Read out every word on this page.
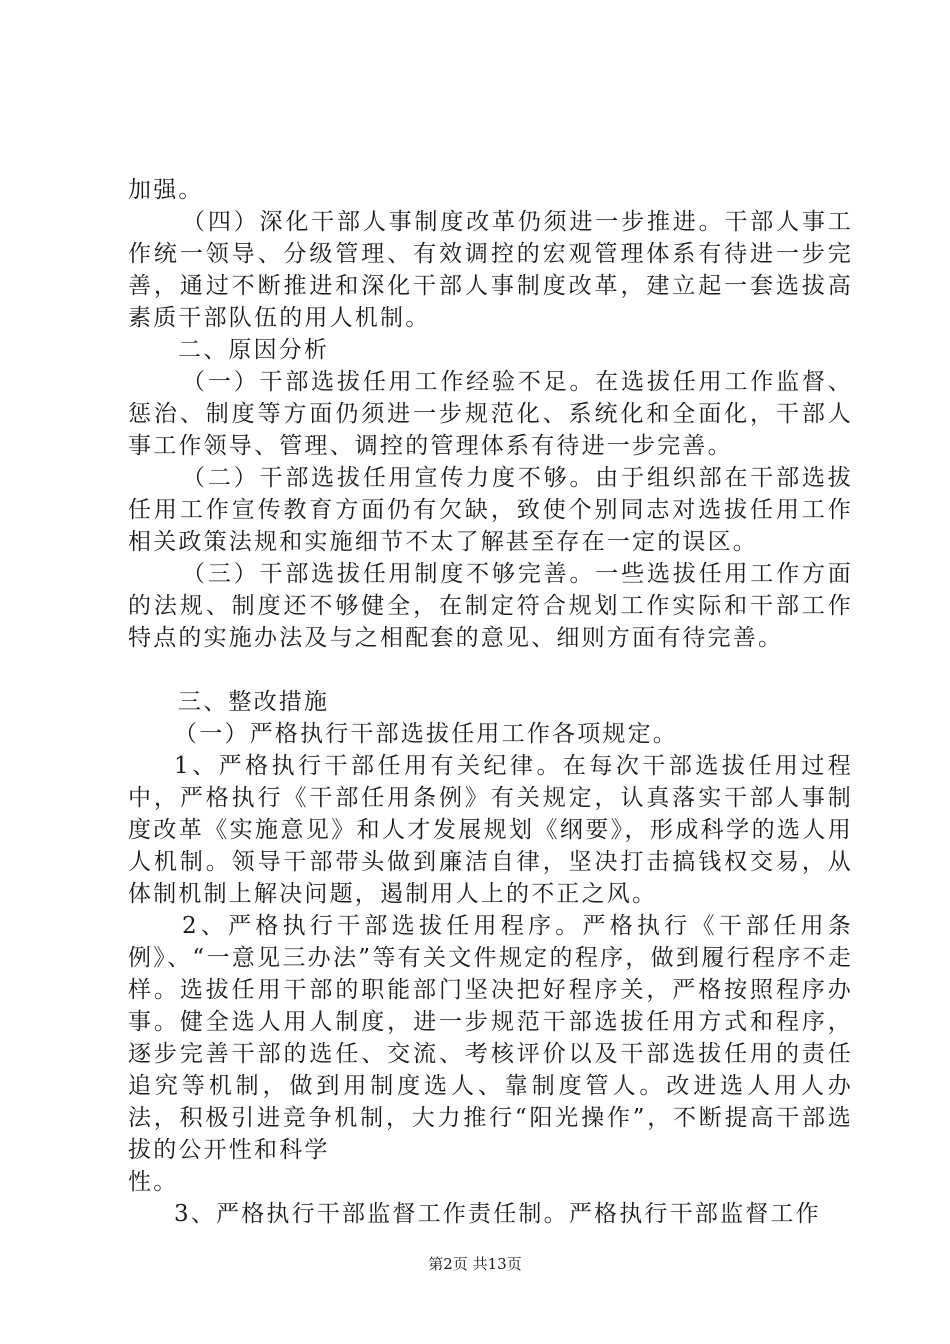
加强。

（四）深化干部人事制度改革仍须进一步推进。干部人事工作统一领导、分级管理、有效调控的宏观管理体系有待进一步完善，通过不断推进和深化干部人事制度改革，建立起一套选拔高素质干部队伍的用人机制。

二、原因分析

（一）干部选拔任用工作经验不足。在选拔任用工作监督、惩治、制度等方面仍须进一步规范化、系统化和全面化，干部人事工作领导、管理、调控的管理体系有待进一步完善。

（二）干部选拔任用宣传力度不够。由于组织部在干部选拔任用工作宣传教育方面仍有欠缺，致使个别同志对选拔任用工作相关政策法规和实施细节不太了解甚至存在一定的误区。

（三）干部选拔任用制度不够完善。一些选拔任用工作方面的法规、制度还不够健全，在制定符合规划工作实际和干部工作特点的实施办法及与之相配套的意见、细则方面有待完善。

三、整改措施

（一）严格执行干部选拔任用工作各项规定。

1、严格执行干部任用有关纪律。在每次干部选拔任用过程中，严格执行《干部任用条例》有关规定，认真落实干部人事制度改革《实施意见》和人才发展规划《纲要》，形成科学的选人用人机制。领导干部带头做到廉洁自律，坚决打击搞钱权交易，从体制机制上解决问题，遏制用人上的不正之风。

2、严格执行干部选拔任用程序。严格执行《干部任用条例》、“一意见三办法”等有关文件规定的程序，做到履行程序不走样。选拔任用干部的职能部门坚决把好程序关，严格按照程序办事。健全选人用人制度，进一步规范干部选拔任用方式和程序，逐步完善干部的选任、交流、考核评价以及干部选拔任用的责任追究等机制，做到用制度选人、靠制度管人。改进选人用人办法，积极引进竞争机制，大力推行“阳光操作”，不断提高干部选拔的公开性和科学

性。

3、严格执行干部监督工作责任制。严格执行干部监督工作

第2页 共13页
